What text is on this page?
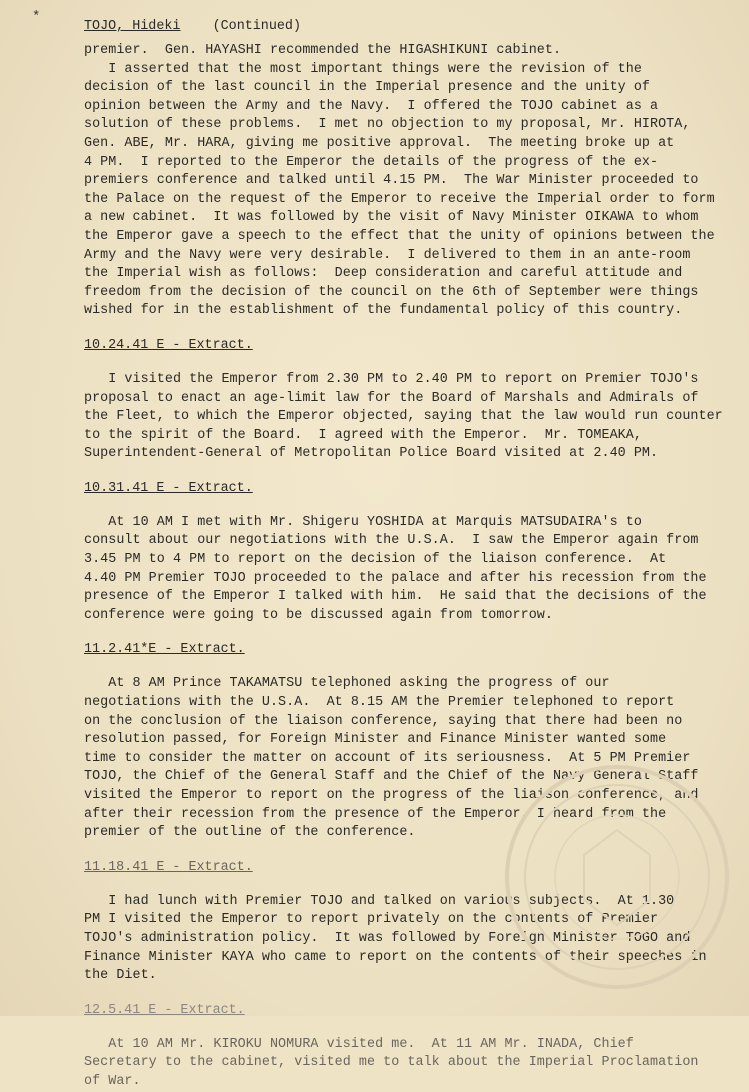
*
TOJO, Hideki (Continued)
premier.  Gen. HAYASHI recommended the HIGASHIKUNI cabinet.
I asserted that the most important things were the revision of the
decision of the last council in the Imperial presence and the unity of
opinion between the Army and the Navy.  I offered the TOJO cabinet as a
solution of these problems.  I met no objection to my proposal, Mr. HIROTA,
Gen. ABE, Mr. HARA, giving me positive approval.  The meeting broke up at
4 PM.  I reported to the Emperor the details of the progress of the ex-
premiers conference and talked until 4.15 PM.  The War Minister proceeded to
the Palace on the request of the Emperor to receive the Imperial order to form
a new cabinet.  It was followed by the visit of Navy Minister OIKAWA to whom
the Emperor gave a speech to the effect that the unity of opinions between the
Army and the Navy were very desirable.  I delivered to them in an ante-room
the Imperial wish as follows:  Deep consideration and careful attitude and
freedom from the decision of the council on the 6th of September were things
wished for in the establishment of the fundamental policy of this country.
10.24.41 E - Extract.
I visited the Emperor from 2.30 PM to 2.40 PM to report on Premier TOJO's
proposal to enact an age-limit law for the Board of Marshals and Admirals of
the Fleet, to which the Emperor objected, saying that the law would run counter
to the spirit of the Board.  I agreed with the Emperor.  Mr. TOMEAKA,
Superintendent-General of Metropolitan Police Board visited at 2.40 PM.
10.31.41 E - Extract.
At 10 AM I met with Mr. Shigeru YOSHIDA at Marquis MATSUDAIRA's to
consult about our negotiations with the U.S.A.  I saw the Emperor again from
3.45 PM to 4 PM to report on the decision of the liaison conference.  At
4.40 PM Premier TOJO proceeded to the palace and after his recession from the
presence of the Emperor I talked with him.  He said that the decisions of the
conference were going to be discussed again from tomorrow.
11.2.41*E - Extract.
At 8 AM Prince TAKAMATSU telephoned asking the progress of our
negotiations with the U.S.A.  At 8.15 AM the Premier telephoned to report
on the conclusion of the liaison conference, saying that there had been no
resolution passed, for Foreign Minister and Finance Minister wanted some
time to consider the matter on account of its seriousness.  At 5 PM Premier
TOJO, the Chief of the General Staff and the Chief of the Navy General Staff
visited the Emperor to report on the progress of the liaison conference, and
after their recession from the presence of the Emperor, I heard from the
premier of the outline of the conference.
11.18.41 E - Extract.
I had lunch with Premier TOJO and talked on various subjects.  At 1.30
PM I visited the Emperor to report privately on the contents of Premier
TOJO's administration policy.  It was followed by Foreign Minister TOGO and
Finance Minister KAYA who came to report on the contents of their speeches in
the Diet.
12.5.41 E - Extract.
At 10 AM Mr. KIROKU NOMURA visited me.  At 11 AM Mr. INADA, Chief
Secretary to the cabinet, visited me to talk about the Imperial Proclamation
of War.
